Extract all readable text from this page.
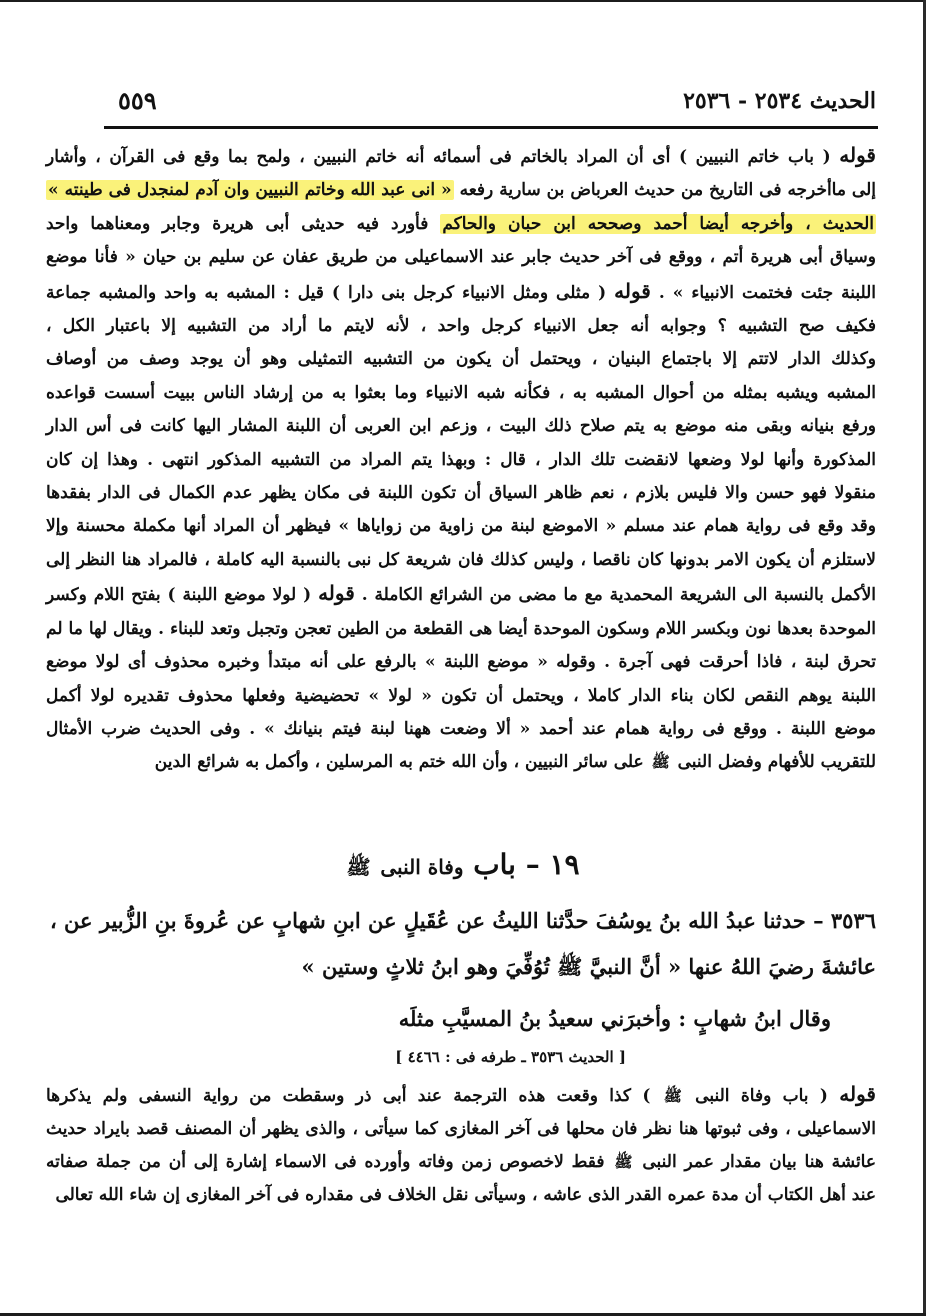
الحديث ٢٥٣٤ - ٢٥٣٦
٥٥٩
قوله ( باب خاتم النبيين ) أى أن المراد بالخاتم فى أسمائه أنه خاتم النبيين ، ولمح بما وقع فى القرآن ، وأشار
إلى ماأخرجه فى التاريخ من حديث العرباض بن سارية رفعه « انى عبد الله وخاتم النبيين وان آدم لمنجدل فى طينته »
الحديث ، وأخرجه أيضا أحمد وصححه ابن حبان والحاكم فأورد فيه حديثى أبى هريرة وجابر ومعناهما واحد
وسياق أبى هريرة أتم ، ووقع فى آخر حديث جابر عند الاسماعيلى من طريق عفان عن سليم بن حيان « فأنا موضع
اللبنة جئت فختمت الانبياء » . قوله ( مثلى ومثل الانبياء كرجل بنى دارا ) قيل : المشبه به واحد والمشبه جماعة
فكيف صح التشبيه ؟ وجوابه أنه جعل الانبياء كرجل واحد ، لأنه لايتم ما أراد من التشبيه إلا باعتبار الكل ،
وكذلك الدار لاتتم إلا باجتماع البنيان ، ويحتمل أن يكون من التشبيه التمثيلى وهو أن يوجد وصف من أوصاف
المشبه ويشبه بمثله من أحوال المشبه به ، فكأنه شبه الانبياء وما بعثوا به من إرشاد الناس ببيت أسست قواعده
ورفع بنيانه وبقى منه موضع به يتم صلاح ذلك البيت ، وزعم ابن العربى أن اللبنة المشار اليها كانت فى أس الدار
المذكورة وأنها لولا وضعها لانقضت تلك الدار ، قال : وبهذا يتم المراد من التشبيه المذكور انتهى . وهذا إن كان
منقولا فهو حسن والا فليس بلازم ، نعم ظاهر السياق أن تكون اللبنة فى مكان يظهر عدم الكمال فى الدار بفقدها
وقد وقع فى رواية همام عند مسلم « الاموضع لبنة من زاوية من زواياها » فيظهر أن المراد أنها مكملة محسنة وإلا
لاستلزم أن يكون الامر بدونها كان ناقصا ، وليس كذلك فان شريعة كل نبى بالنسبة اليه كاملة ، فالمراد هنا النظر إلى
الأكمل بالنسبة الى الشريعة المحمدية مع ما مضى من الشرائع الكاملة . قوله ( لولا موضع اللبنة ) بفتح اللام وكسر
الموحدة بعدها نون وبكسر اللام وسكون الموحدة أيضا هى القطعة من الطين تعجن وتجبل وتعد للبناء . ويقال لها ما لم
تحرق لبنة ، فاذا أحرقت فهى آجرة . وقوله « موضع اللبنة » بالرفع على أنه مبتدأ وخبره محذوف أى لولا موضع
اللبنة يوهم النقص لكان بناء الدار كاملا ، ويحتمل أن تكون « لولا » تحضيضية وفعلها محذوف تقديره لولا أكمل
موضع اللبنة . ووقع فى رواية همام عند أحمد « ألا وضعت ههنا لبنة فيتم بنيانك » . وفى الحديث ضرب الأمثال
للتقريب للأفهام وفضل النبى ﷺ على سائر النبيين ، وأن الله ختم به المرسلين ، وأكمل به شرائع الدين
١٩ – باب وفاة النبى ﷺ
٣٥٣٦ – حدثنا عبدُ الله بنُ يوسُفَ حدَّثنا الليثُ عن عُقَيلٍ عن ابنِ شهابٍ عن عُروةَ بنِ الزُّبير عن ،
عائشةَ رضيَ اللهُ عنها « أنَّ النبيَّ ﷺ تُوُفِّيَ وهو ابنُ ثلاثٍ وستين »
وقال ابنُ شهابٍ : وأخبرَني سعيدُ بنُ المسيَّبِ مثلَه
[ الحديث ٣٥٣٦ ـ طرفه فى : ٤٤٦٦ ]
قوله ( باب وفاة النبى ﷺ ) كذا وقعت هذه الترجمة عند أبى ذر وسقطت من رواية النسفى ولم يذكرها
الاسماعيلى ، وفى ثبوتها هنا نظر فان محلها فى آخر المغازى كما سيأتى ، والذى يظهر أن المصنف قصد بايراد حديث
عائشة هنا بيان مقدار عمر النبى ﷺ فقط لاخصوص زمن وفاته وأورده فى الاسماء إشارة إلى أن من جملة صفاته
عند أهل الكتاب أن مدة عمره القدر الذى عاشه ، وسيأتى نقل الخلاف فى مقداره فى آخر المغازى إن شاء الله تعالى
